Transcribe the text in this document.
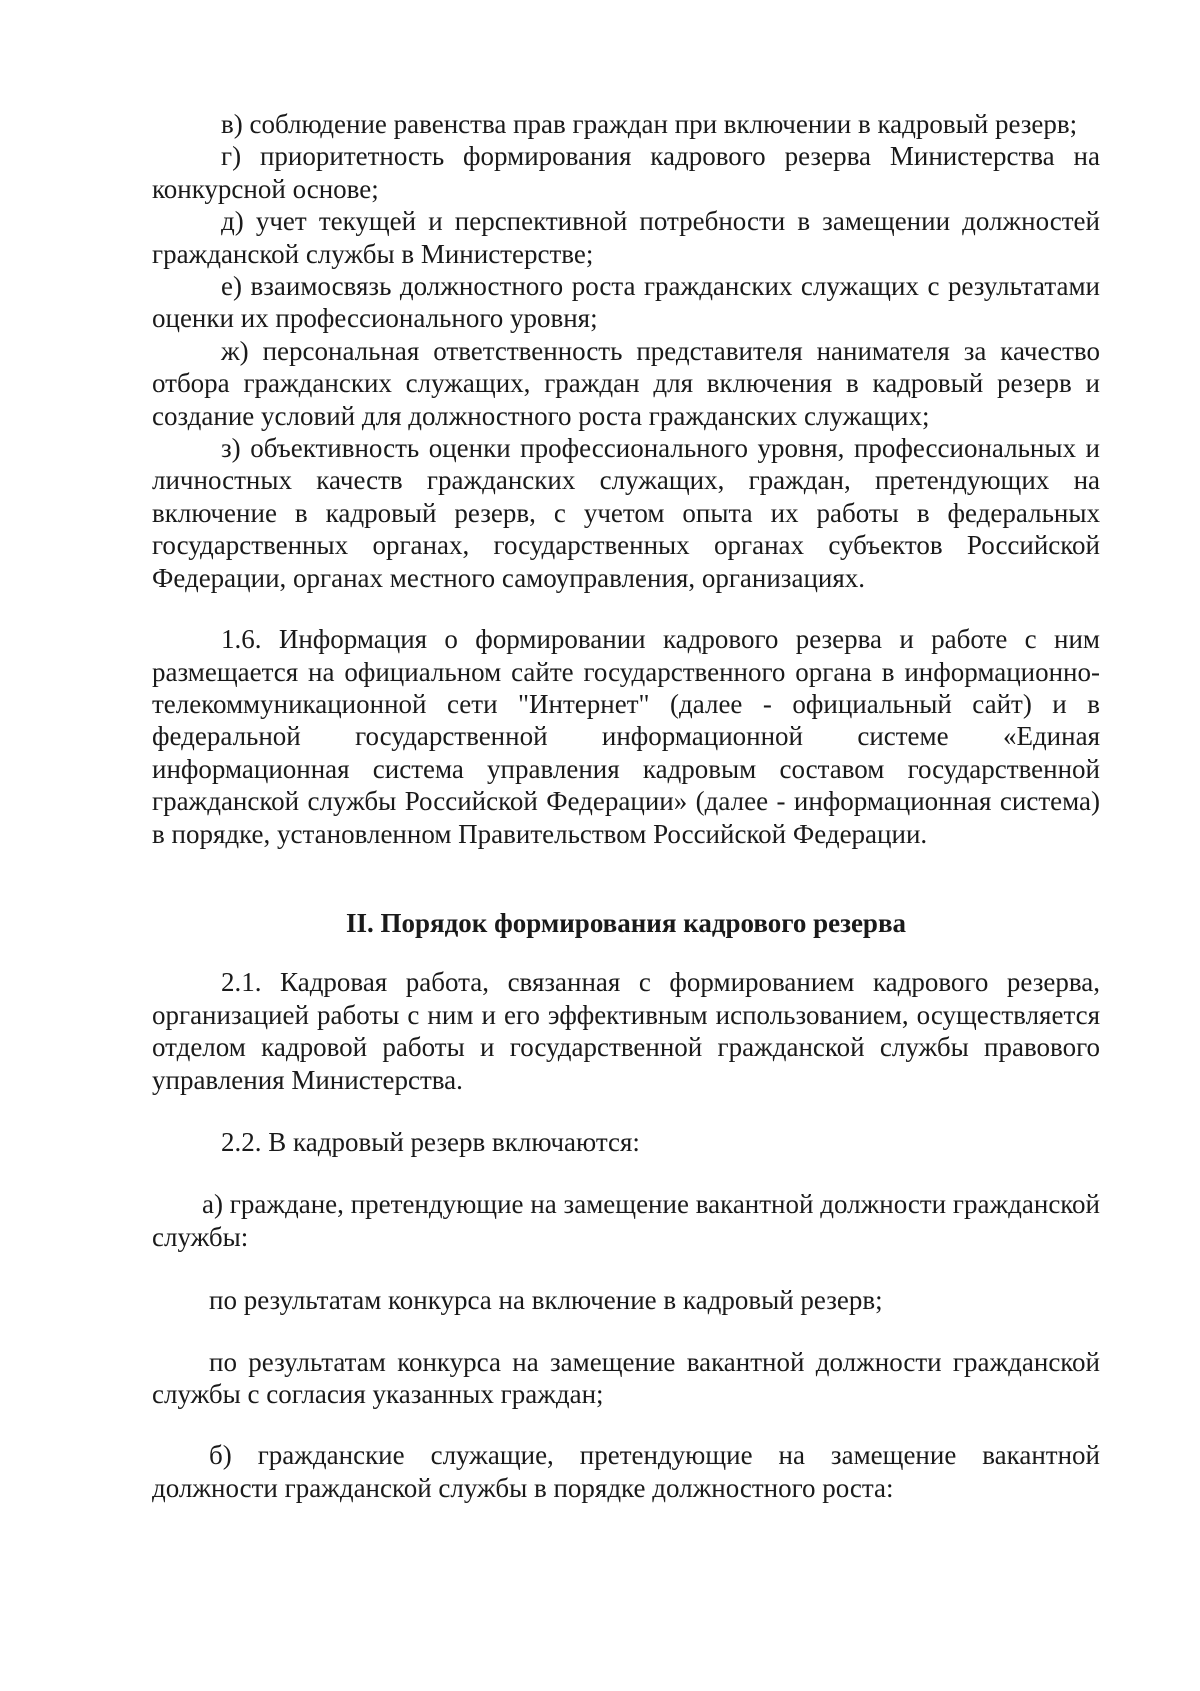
в) соблюдение равенства прав граждан при включении в кадровый резерв;

г) приоритетность формирования кадрового резерва Министерства на конкурсной основе;

д) учет текущей и перспективной потребности в замещении должностей гражданской службы в Министерстве;

е) взаимосвязь должностного роста гражданских служащих с результатами оценки их профессионального уровня;

ж) персональная ответственность представителя нанимателя за качество отбора гражданских служащих, граждан для включения в кадровый резерв и создание условий для должностного роста гражданских служащих;

з) объективность оценки профессионального уровня, профессиональных и личностных качеств гражданских служащих, граждан, претендующих на включение в кадровый резерв, с учетом опыта их работы в федеральных государственных органах, государственных органах субъектов Российской Федерации, органах местного самоуправления, организациях.

1.6. Информация о формировании кадрового резерва и работе с ним размещается на официальном сайте государственного органа в информационно-телекоммуникационной сети "Интернет" (далее - официальный сайт) и в федеральной государственной информационной системе «Единая информационная система управления кадровым составом государственной гражданской службы Российской Федерации» (далее - информационная система) в порядке, установленном Правительством Российской Федерации.

II. Порядок формирования кадрового резерва

2.1. Кадровая работа, связанная с формированием кадрового резерва, организацией работы с ним и его эффективным использованием, осуществляется отделом кадровой работы и государственной гражданской службы правового управления Министерства.

2.2. В кадровый резерв включаются:

а) граждане, претендующие на замещение вакантной должности гражданской службы:

по результатам конкурса на включение в кадровый резерв;

по результатам конкурса на замещение вакантной должности гражданской службы с согласия указанных граждан;

б) гражданские служащие, претендующие на замещение вакантной должности гражданской службы в порядке должностного роста:
